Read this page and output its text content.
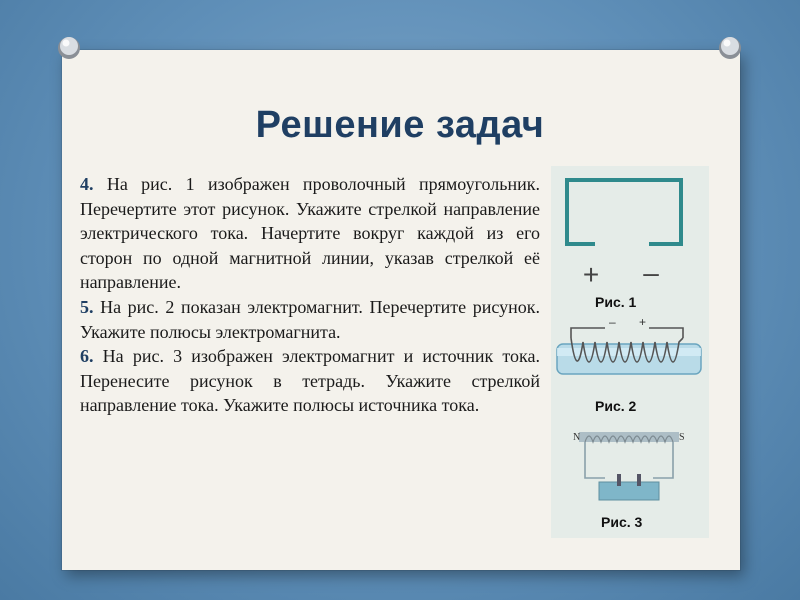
Решение задач

4. На рис. 1 изображен проволочный прямоугольник. Перечертите этот рисунок. Укажите стрелкой направление электрического тока. Начертите вокруг каждой из его сторон по одной магнитной линии, указав стрелкой её направление.

5. На рис. 2 показан электромагнит. Перечертите рисунок. Укажите полюсы электромагнита.

6. На рис. 3 изображен электромагнит и источник тока. Перенесите рисунок в тетрадь. Укажите стрелкой направление тока. Укажите полюсы источника тока.

+ –
Рис. 1
– +
Рис. 2
N	S
Рис. 3
